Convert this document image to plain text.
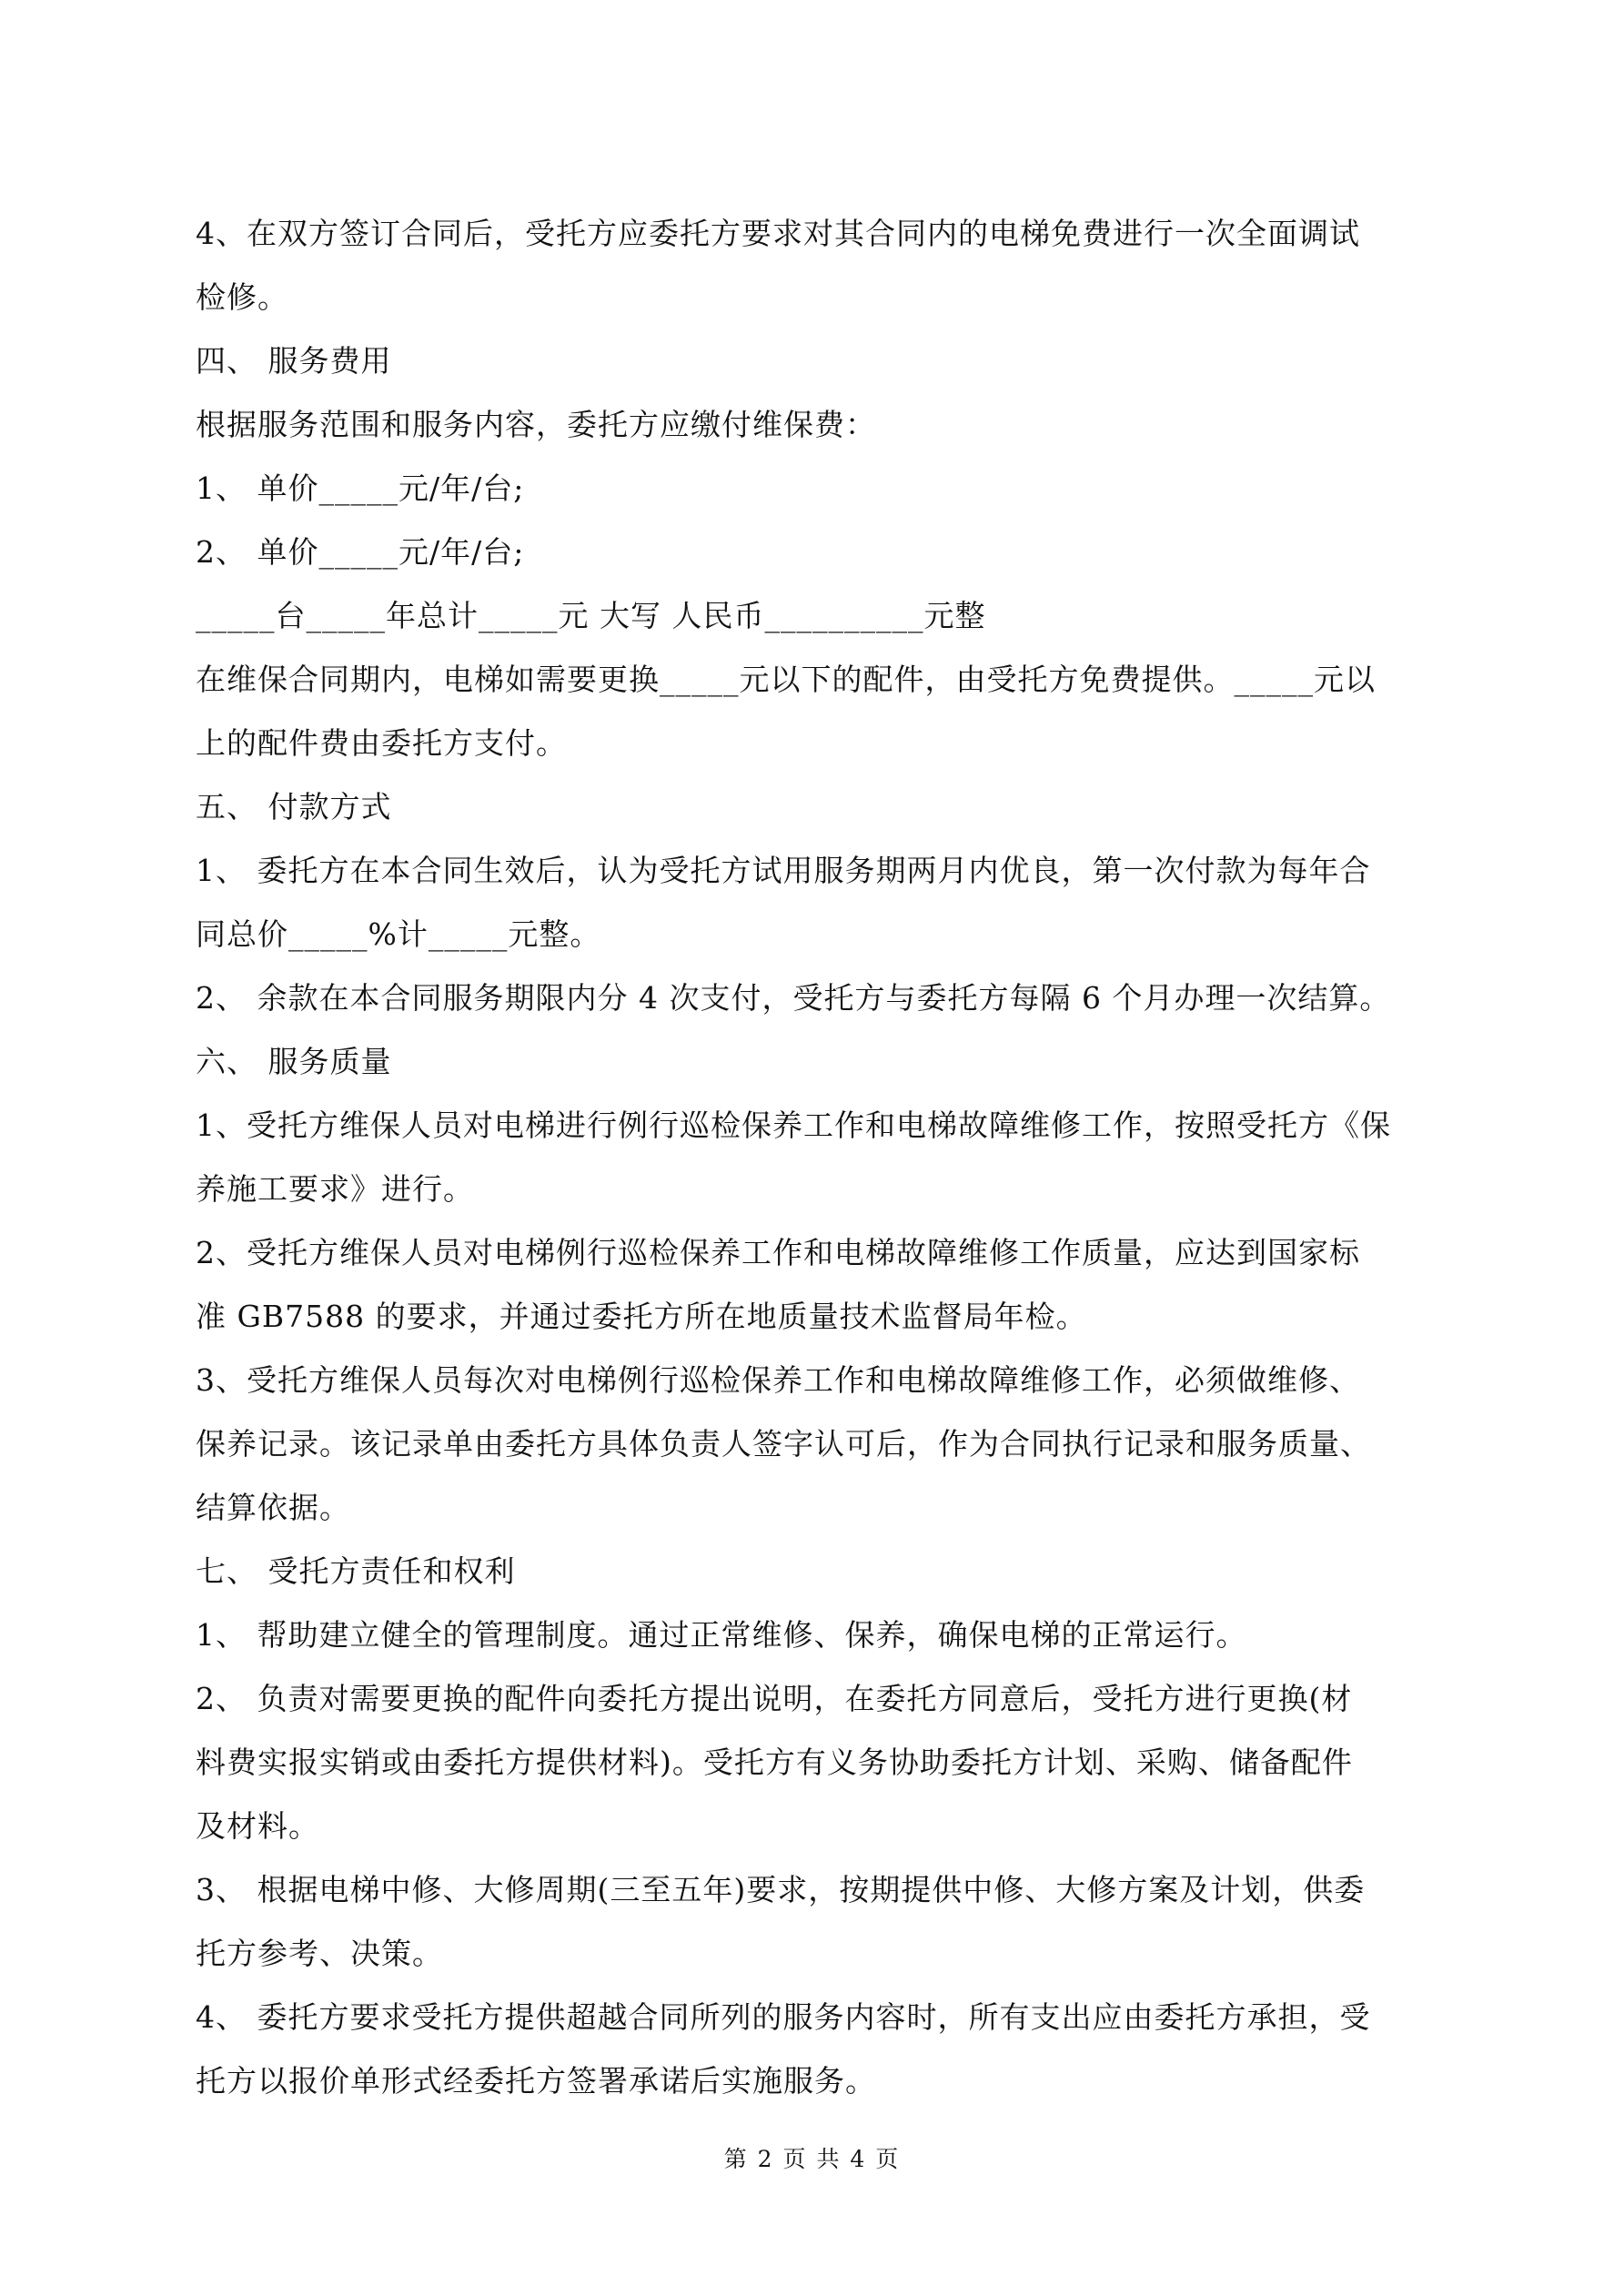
4、在双方签订合同后，受托方应委托方要求对其合同内的电梯免费进行一次全面调试
检修。
四、 服务费用
根据服务范围和服务内容，委托方应缴付维保费：
1、 单价_____元/年/台;
2、 单价_____元/年/台;
_____台_____年总计_____元 大写 人民币__________元整
在维保合同期内，电梯如需要更换_____元以下的配件，由受托方免费提供。_____元以
上的配件费由委托方支付。
五、 付款方式
1、 委托方在本合同生效后，认为受托方试用服务期两月内优良，第一次付款为每年合
同总价_____%计_____元整。
2、 余款在本合同服务期限内分 4 次支付，受托方与委托方每隔 6 个月办理一次结算。
六、 服务质量
1、受托方维保人员对电梯进行例行巡检保养工作和电梯故障维修工作，按照受托方《保
养施工要求》进行。
2、受托方维保人员对电梯例行巡检保养工作和电梯故障维修工作质量，应达到国家标
准 GB7588 的要求，并通过委托方所在地质量技术监督局年检。
3、受托方维保人员每次对电梯例行巡检保养工作和电梯故障维修工作，必须做维修、
保养记录。该记录单由委托方具体负责人签字认可后，作为合同执行记录和服务质量、
结算依据。
七、 受托方责任和权利
1、 帮助建立健全的管理制度。通过正常维修、保养，确保电梯的正常运行。
2、 负责对需要更换的配件向委托方提出说明，在委托方同意后，受托方进行更换(材
料费实报实销或由委托方提供材料)。受托方有义务协助委托方计划、采购、储备配件
及材料。
3、 根据电梯中修、大修周期(三至五年)要求，按期提供中修、大修方案及计划，供委
托方参考、决策。
4、 委托方要求受托方提供超越合同所列的服务内容时，所有支出应由委托方承担，受
托方以报价单形式经委托方签署承诺后实施服务。
第 2 页 共 4 页
